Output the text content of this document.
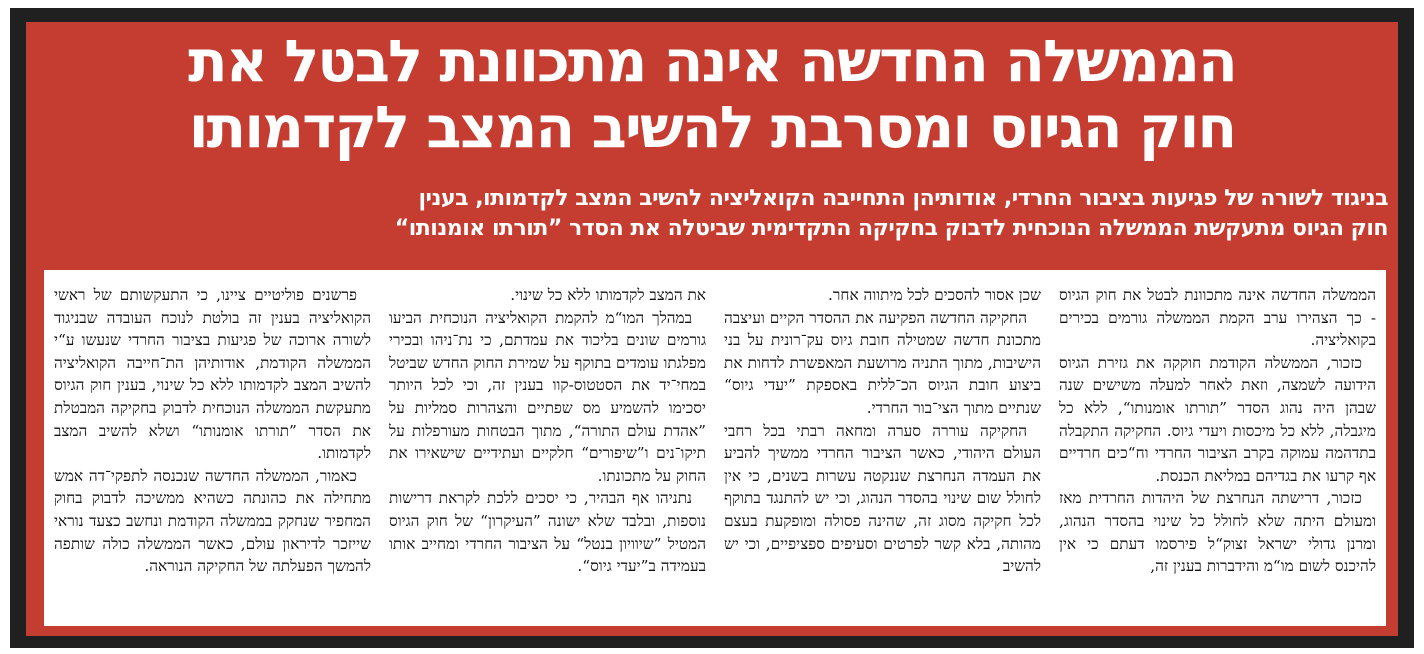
הממשלה החדשה אינה מתכוונת לבטל את
חוק הגיוס ומסרבת להשיב המצב לקדמותו
בניגוד לשורה של פגיעות בציבור החרדי, אודותיהן התחייבה הקואליציה להשיב המצב לקדמותו, בענין
חוק הגיוס מתעקשת הממשלה הנוכחית לדבוק בחקיקה התקדימית שביטלה את הסדר ”תורתו אומנותו“

הממשלה החדשה אינה מתכוונת לבטל את חוק הגיוס - כך הצהירו ערב הקמת הממשלה גורמים בכירים בקואליציה.

כזכור, הממשלה הקודמת חוקקה את גזירת הגיוס הידועה לשמצה, וזאת לאחר למעלה משישים שנה שבהן היה נהוג הסדר ”תורתו אומנותו“, ללא כל מיגבלה, ללא כל מיכסות ויעדי גיוס. החקיקה התקבלה בתדהמה עמוקה בקרב הציבור החרדי וח“כים חרדיים אף קרעו את בגדיהם במליאת הכנסת.

כזכור, דרישתה הנחרצת של היהדות החרדית מאז ומעולם היתה שלא לחולל כל שינוי בהסדר הנהוג, ומרנן גדולי ישראל זצוק“ל פירסמו דעתם כי אין להיכנס לשום מו“מ והידברות בענין זה,

שכן אסור להסכים לכל מיתווה אחר.

החקיקה החדשה הפקיעה את ההסדר הקיים ועיצבה מתכונת חדשה שמטילה חובת גיוס עק־רונית על בני הישיבות, מתוך התניה מרושעת המאפשרת לדחות את ביצוע חובת הגיוס הכ־ללית באספקת ”יעדי גיוס“ שנתיים מתוך הצי־בור החרדי.

החקיקה עוררה סערה ומחאה רבתי בכל רחבי העולם היהודי, כאשר הציבור החרדי ממשיך להביע את העמדה הנחרצת שננקטה עשרות בשנים, כי אין לחולל שום שינוי בהסדר הנהוג, וכי יש להתנגד בתוקף לכל חקיקה מסוג זה, שהינה פסולה ומופקעת בעצם מהותה, בלא קשר לפרטים וסעיפים ספציפיים, וכי יש להשיב

את המצב לקדמותו ללא כל שינוי.

במהלך המו“מ להקמת הקואליציה הנוכחית הביעו גורמים שונים בליכוד את עמדתם, כי נת־ניהו ובכירי מפלגתו עומדים בתוקף על שמירת החוק החדש שביטל במחי־יד את הסטטוס-קוו בענין זה, וכי לכל היותר יסכימו להשמיע מס שפתיים והצהרות סמליות על ”אהדת עולם התורה“, מתוך הבטחות מעורפלות על תיקו־נים ו”שיפורים“ חלקיים ועתידיים שישאירו את החוק על מתכונתו.

נתניהו אף הבהיר, כי יסכים ללכת לקראת דרישות נוספות, ובלבד שלא ישונה ”העיקרון“ של חוק הגיוס המטיל ”שיוויון בנטל“ על הציבור החרדי ומחייב אותו בעמידה ב”יעדי גיוס“.

פרשנים פוליטיים ציינו, כי התעקשותם של ראשי הקואליציה בענין זה בולטת לנוכח העובדה שבניגוד לשורה ארוכה של פגיעות בציבור החרדי שנעשו ע“י הממשלה הקודמת, אודותיהן הת־חייבה הקואליציה להשיב המצב לקדמותו ללא כל שינוי, בענין חוק הגיוס מתעקשת הממשלה הנוכחית לדבוק בחקיקה המבטלת את הסדר ”תורתו אומנותו“ ושלא להשיב המצב לקדמותו.

כאמור, הממשלה החדשה שנכנסה לתפקי־דה אמש מתחילה את כהונתה כשהיא ממשיכה לדבוק בחוק המחפיר שנחקק בממשלה הקודמת ונחשב כצעד נוראי שייזכר לדיראון עולם, כאשר הממשלה כולה שותפה להמשך הפעלתה של החקיקה הנוראה.
